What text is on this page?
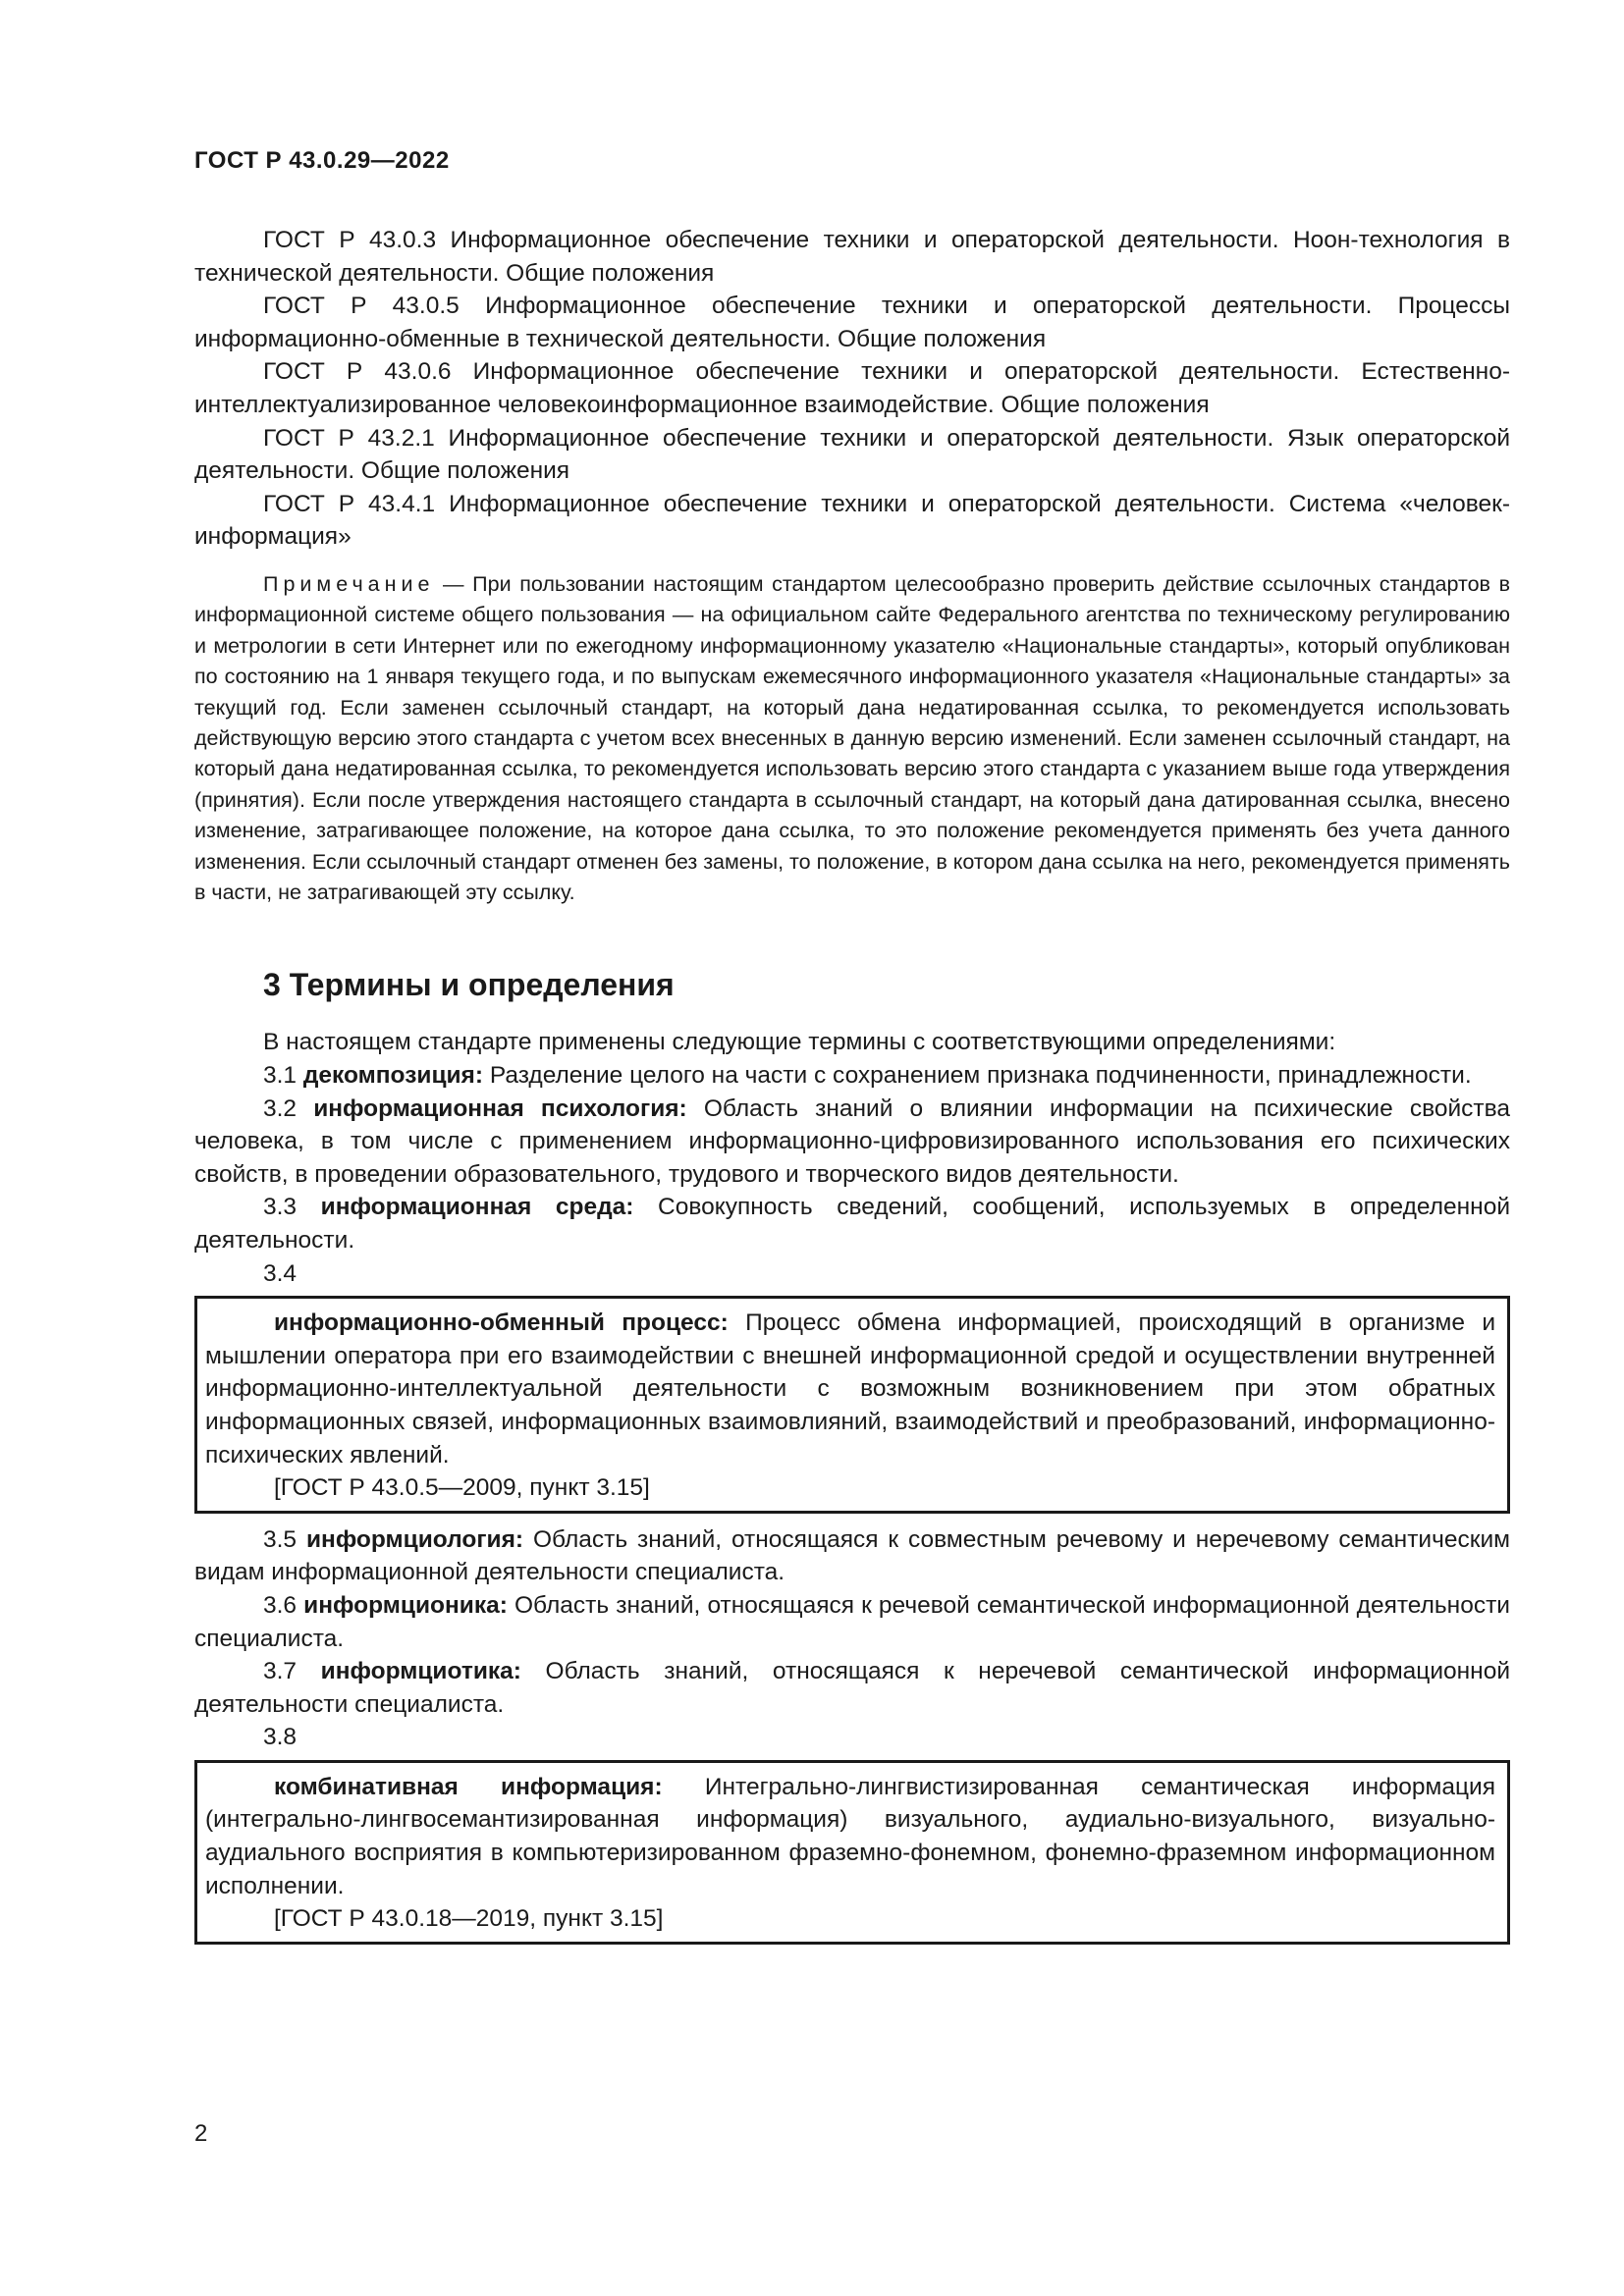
ГОСТ Р 43.0.29—2022

ГОСТ Р 43.0.3 Информационное обеспечение техники и операторской деятельности. Ноон-технология в технической деятельности. Общие положения

ГОСТ Р 43.0.5 Информационное обеспечение техники и операторской деятельности. Процессы информационно-обменные в технической деятельности. Общие положения

ГОСТ Р 43.0.6 Информационное обеспечение техники и операторской деятельности. Естественно-интеллектуализированное человекоинформационное взаимодействие. Общие положения

ГОСТ Р 43.2.1 Информационное обеспечение техники и операторской деятельности. Язык операторской деятельности. Общие положения

ГОСТ Р 43.4.1 Информационное обеспечение техники и операторской деятельности. Система «человек-информация»

Примечание — При пользовании настоящим стандартом целесообразно проверить действие ссылочных стандартов в информационной системе общего пользования — на официальном сайте Федерального агентства по техническому регулированию и метрологии в сети Интернет или по ежегодному информационному указателю «Национальные стандарты», который опубликован по состоянию на 1 января текущего года, и по выпускам ежемесячного информационного указателя «Национальные стандарты» за текущий год. Если заменен ссылочный стандарт, на который дана недатированная ссылка, то рекомендуется использовать действующую версию этого стандарта с учетом всех внесенных в данную версию изменений. Если заменен ссылочный стандарт, на который дана недатированная ссылка, то рекомендуется использовать версию этого стандарта с указанием выше года утверждения (принятия). Если после утверждения настоящего стандарта в ссылочный стандарт, на который дана датированная ссылка, внесено изменение, затрагивающее положение, на которое дана ссылка, то это положение рекомендуется применять без учета данного изменения. Если ссылочный стандарт отменен без замены, то положение, в котором дана ссылка на него, рекомендуется применять в части, не затрагивающей эту ссылку.
3 Термины и определения

В настоящем стандарте применены следующие термины с соответствующими определениями:

3.1 декомпозиция: Разделение целого на части с сохранением признака подчиненности, принадлежности.

3.2 информационная психология: Область знаний о влиянии информации на психические свойства человека, в том числе с применением информационно-цифровизированного использования его психических свойств, в проведении образовательного, трудового и творческого видов деятельности.

3.3 информационная среда: Совокупность сведений, сообщений, используемых в определенной деятельности.

3.4

информационно-обменный процесс: Процесс обмена информацией, происходящий в организме и мышлении оператора при его взаимодействии с внешней информационной средой и осуществлении внутренней информационно-интеллектуальной деятельности с возможным возникновением при этом обратных информационных связей, информационных взаимовлияний, взаимодействий и преобразований, информационно-психических явлений.

[ГОСТ Р 43.0.5—2009, пункт 3.15]

3.5 информциология: Область знаний, относящаяся к совместным речевому и неречевому семантическим видам информационной деятельности специалиста.

3.6 информционика: Область знаний, относящаяся к речевой семантической информационной деятельности специалиста.

3.7 информциотика: Область знаний, относящаяся к неречевой семантической информационной деятельности специалиста.

3.8

комбинативная информация: Интегрально-лингвистизированная семантическая информация (интегрально-лингвосемантизированная информация) визуального, аудиально-визуального, визуально-аудиального восприятия в компьютеризированном фраземно-фонемном, фонемно-фраземном информационном исполнении.

[ГОСТ Р 43.0.18—2019, пункт 3.15]

2
